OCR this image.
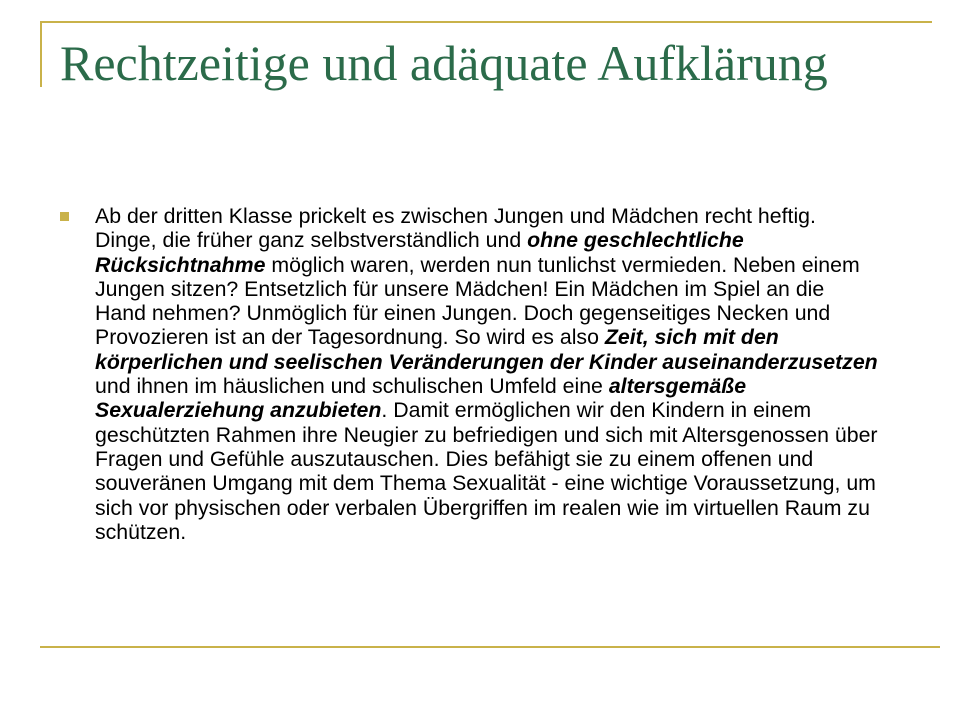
Rechtzeitige und adäquate Aufklärung

Ab der dritten Klasse prickelt es zwischen Jungen und Mädchen recht heftig. Dinge, die früher ganz selbstverständlich und ohne geschlechtliche Rücksichtnahme möglich waren, werden nun tunlichst vermieden. Neben einem Jungen sitzen? Entsetzlich für unsere Mädchen! Ein Mädchen im Spiel an die Hand nehmen? Unmöglich für einen Jungen. Doch gegenseitiges Necken und Provozieren ist an der Tagesordnung. So wird es also Zeit, sich mit den körperlichen und seelischen Veränderungen der Kinder auseinanderzusetzen und ihnen im häuslichen und schulischen Umfeld eine altersgemäße Sexualerziehung anzubieten. Damit ermöglichen wir den Kindern in einem geschützten Rahmen ihre Neugier zu befriedigen und sich mit Altersgenossen über Fragen und Gefühle auszutauschen. Dies befähigt sie zu einem offenen und souveränen Umgang mit dem Thema Sexualität - eine wichtige Voraussetzung, um sich vor physischen oder verbalen Übergriffen im realen wie im virtuellen Raum zu schützen.
